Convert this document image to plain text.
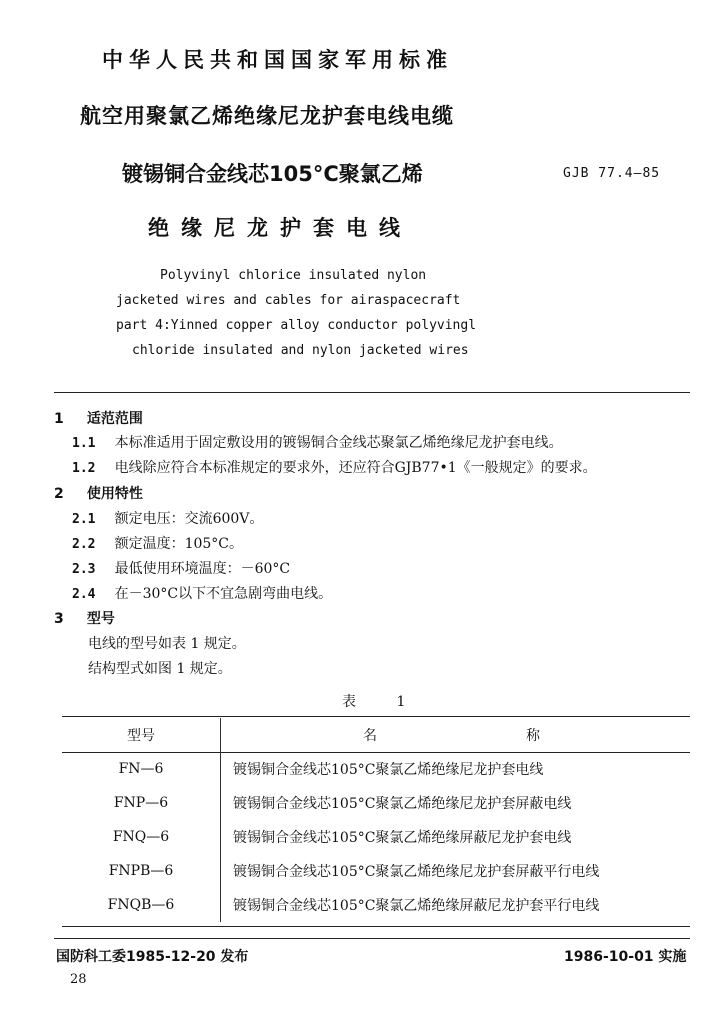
中华人民共和国国家军用标准
航空用聚氯乙烯绝缘尼龙护套电线电缆
镀锡铜合金线芯105°C聚氯乙烯	GJB 77.4—85
绝缘尼龙护套电线
Polyvinyl chlorice insulated nylon
jacketed wires and cables for airaspacecraft
part 4:Yinned copper alloy conductor polyvingl
chloride insulated and nylon jacketed wires
1 适范范围
1.1 本标准适用于固定敷设用的镀锡铜合金线芯聚氯乙烯绝缘尼龙护套电线。
1.2 电线除应符合本标准规定的要求外，还应符合GJB77•1《一般规定》的要求。
2 使用特性
2.1 额定电压：交流600V。
2.2 额定温度：105°C。
2.3 最低使用环境温度：－60°C
2.4 在－30°C以下不宜急剧弯曲电线。
3 型号
电线的型号如表 1 规定。
结构型式如图 1 规定。
表	1
型号	名 称

FN—6	镀锡铜合金线芯105°C聚氯乙烯绝缘尼龙护套电线
FNP—6	镀锡铜合金线芯105°C聚氯乙烯绝缘尼龙护套屏蔽电线
FNQ—6	镀锡铜合金线芯105°C聚氯乙烯绝缘屏蔽尼龙护套电线
FNPB—6	镀锡铜合金线芯105°C聚氯乙烯绝缘尼龙护套屏蔽平行电线
FNQB—6	镀锡铜合金线芯105°C聚氯乙烯绝缘屏蔽尼龙护套平行电线
国防科工委1985-12-20 发布	1986-10-01 实施
28
